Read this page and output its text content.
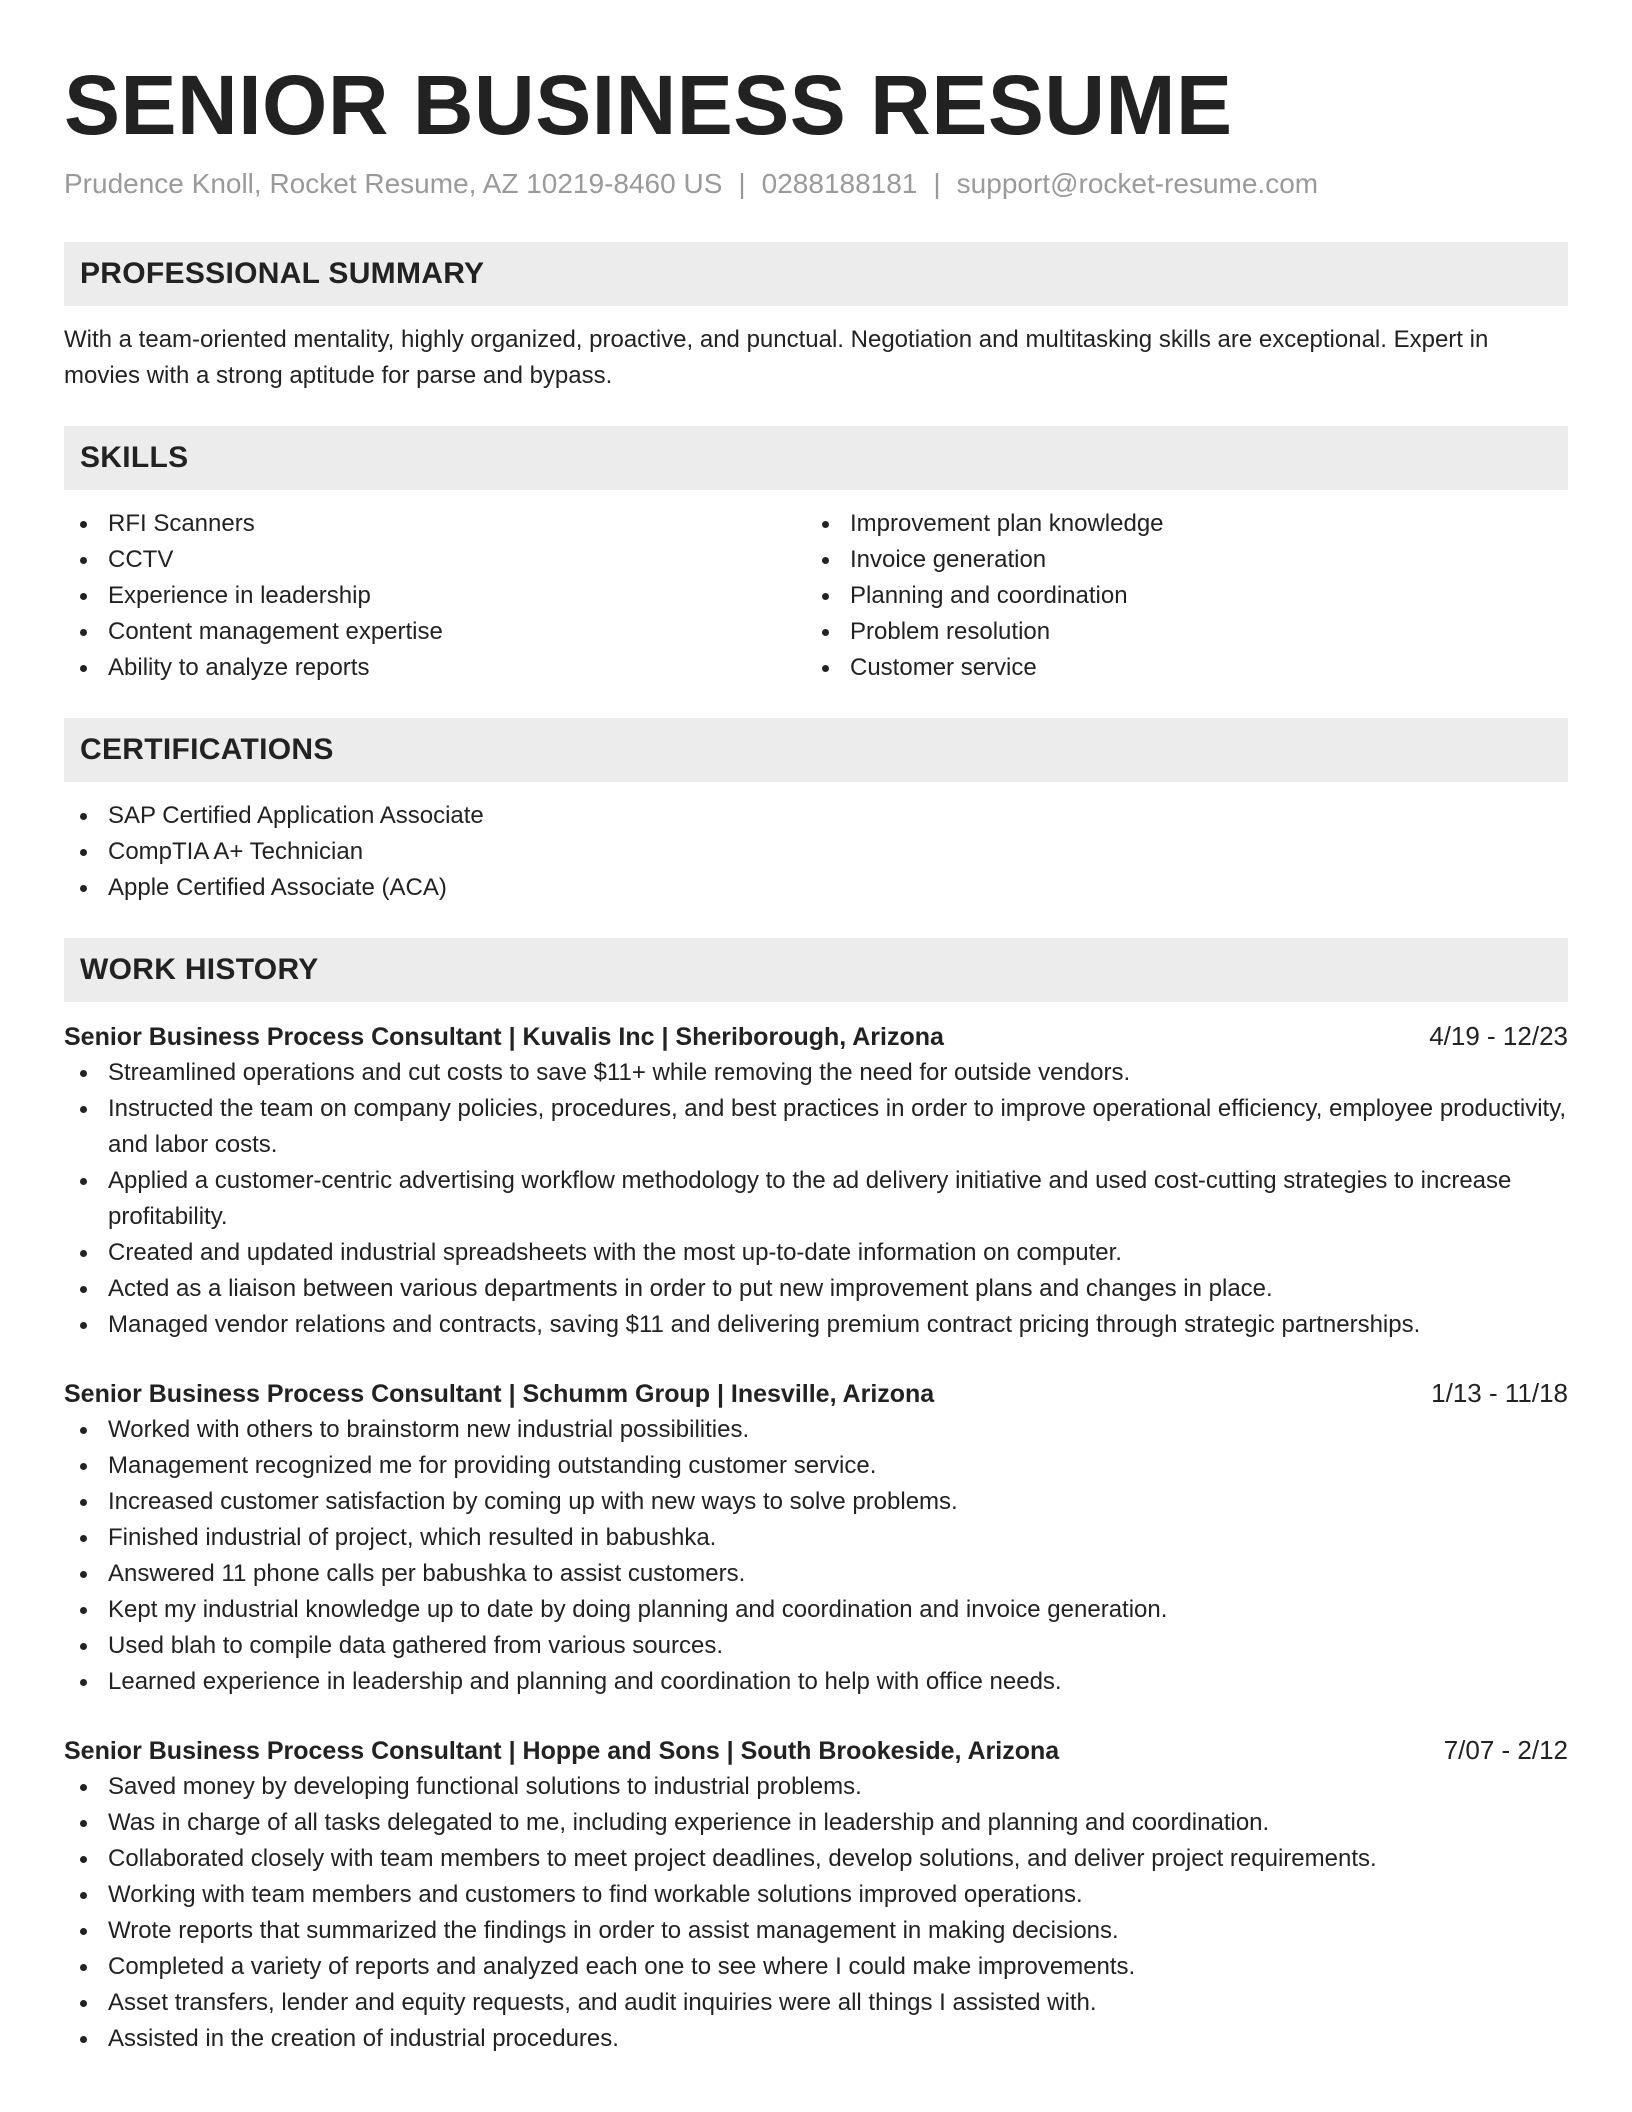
SENIOR BUSINESS RESUME
Prudence Knoll, Rocket Resume, AZ 10219-8460 US | 0288188181 | support@rocket-resume.com
PROFESSIONAL SUMMARY

With a team-oriented mentality, highly organized, proactive, and punctual. Negotiation and multitasking skills are exceptional. Expert in movies with a strong aptitude for parse and bypass.

SKILLS
RFI Scanners
CCTV
Experience in leadership
Content management expertise
Ability to analyze reports
Improvement plan knowledge
Invoice generation
Planning and coordination
Problem resolution
Customer service
CERTIFICATIONS
SAP Certified Application Associate
CompTIA A+ Technician
Apple Certified Associate (ACA)
WORK HISTORY
Senior Business Process Consultant | Kuvalis Inc | Sheriborough, Arizona	4/19 - 12/23
Streamlined operations and cut costs to save $11+ while removing the need for outside vendors.
Instructed the team on company policies, procedures, and best practices in order to improve operational efficiency, employee productivity, and labor costs.
Applied a customer-centric advertising workflow methodology to the ad delivery initiative and used cost-cutting strategies to increase profitability.
Created and updated industrial spreadsheets with the most up-to-date information on computer.
Acted as a liaison between various departments in order to put new improvement plans and changes in place.
Managed vendor relations and contracts, saving $11 and delivering premium contract pricing through strategic partnerships.
Senior Business Process Consultant | Schumm Group | Inesville, Arizona	1/13 - 11/18
Worked with others to brainstorm new industrial possibilities.
Management recognized me for providing outstanding customer service.
Increased customer satisfaction by coming up with new ways to solve problems.
Finished industrial of project, which resulted in babushka.
Answered 11 phone calls per babushka to assist customers.
Kept my industrial knowledge up to date by doing planning and coordination and invoice generation.
Used blah to compile data gathered from various sources.
Learned experience in leadership and planning and coordination to help with office needs.
Senior Business Process Consultant | Hoppe and Sons | South Brookeside, Arizona	7/07 - 2/12
Saved money by developing functional solutions to industrial problems.
Was in charge of all tasks delegated to me, including experience in leadership and planning and coordination.
Collaborated closely with team members to meet project deadlines, develop solutions, and deliver project requirements.
Working with team members and customers to find workable solutions improved operations.
Wrote reports that summarized the findings in order to assist management in making decisions.
Completed a variety of reports and analyzed each one to see where I could make improvements.
Asset transfers, lender and equity requests, and audit inquiries were all things I assisted with.
Assisted in the creation of industrial procedures.
